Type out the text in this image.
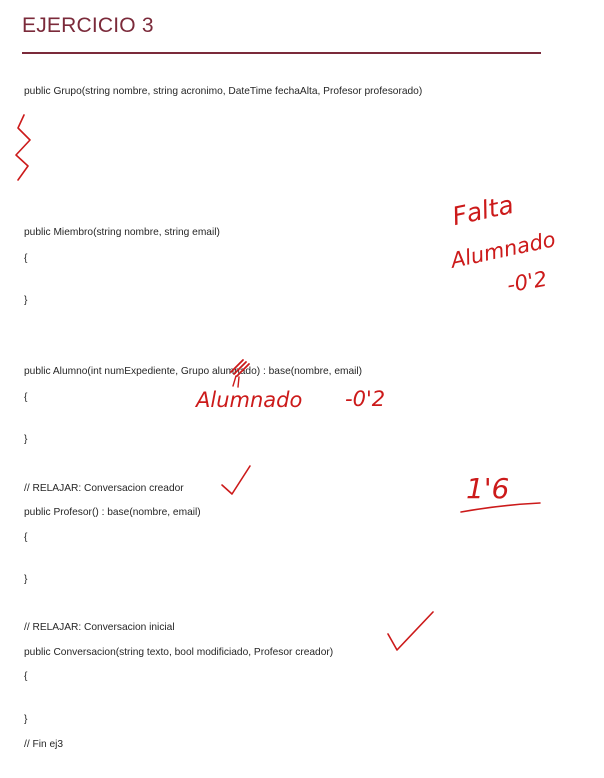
EJERCICIO 3
public Grupo(string nombre, string acronimo, DateTime fechaAlta, Profesor profesorado)
public Miembro(string nombre, string email)
{
}
public Alumno(int numExpediente, Grupo alumnado) : base(nombre, email)
{
}
// RELAJAR: Conversacion creador
public Profesor() : base(nombre, email)
{
}
// RELAJAR: Conversacion inicial
public Conversacion(string texto, bool modificiado, Profesor creador)
{
}
// Fin ej3
Falta
Alumnado
-0'2
Alumnado -0'2
1'6
